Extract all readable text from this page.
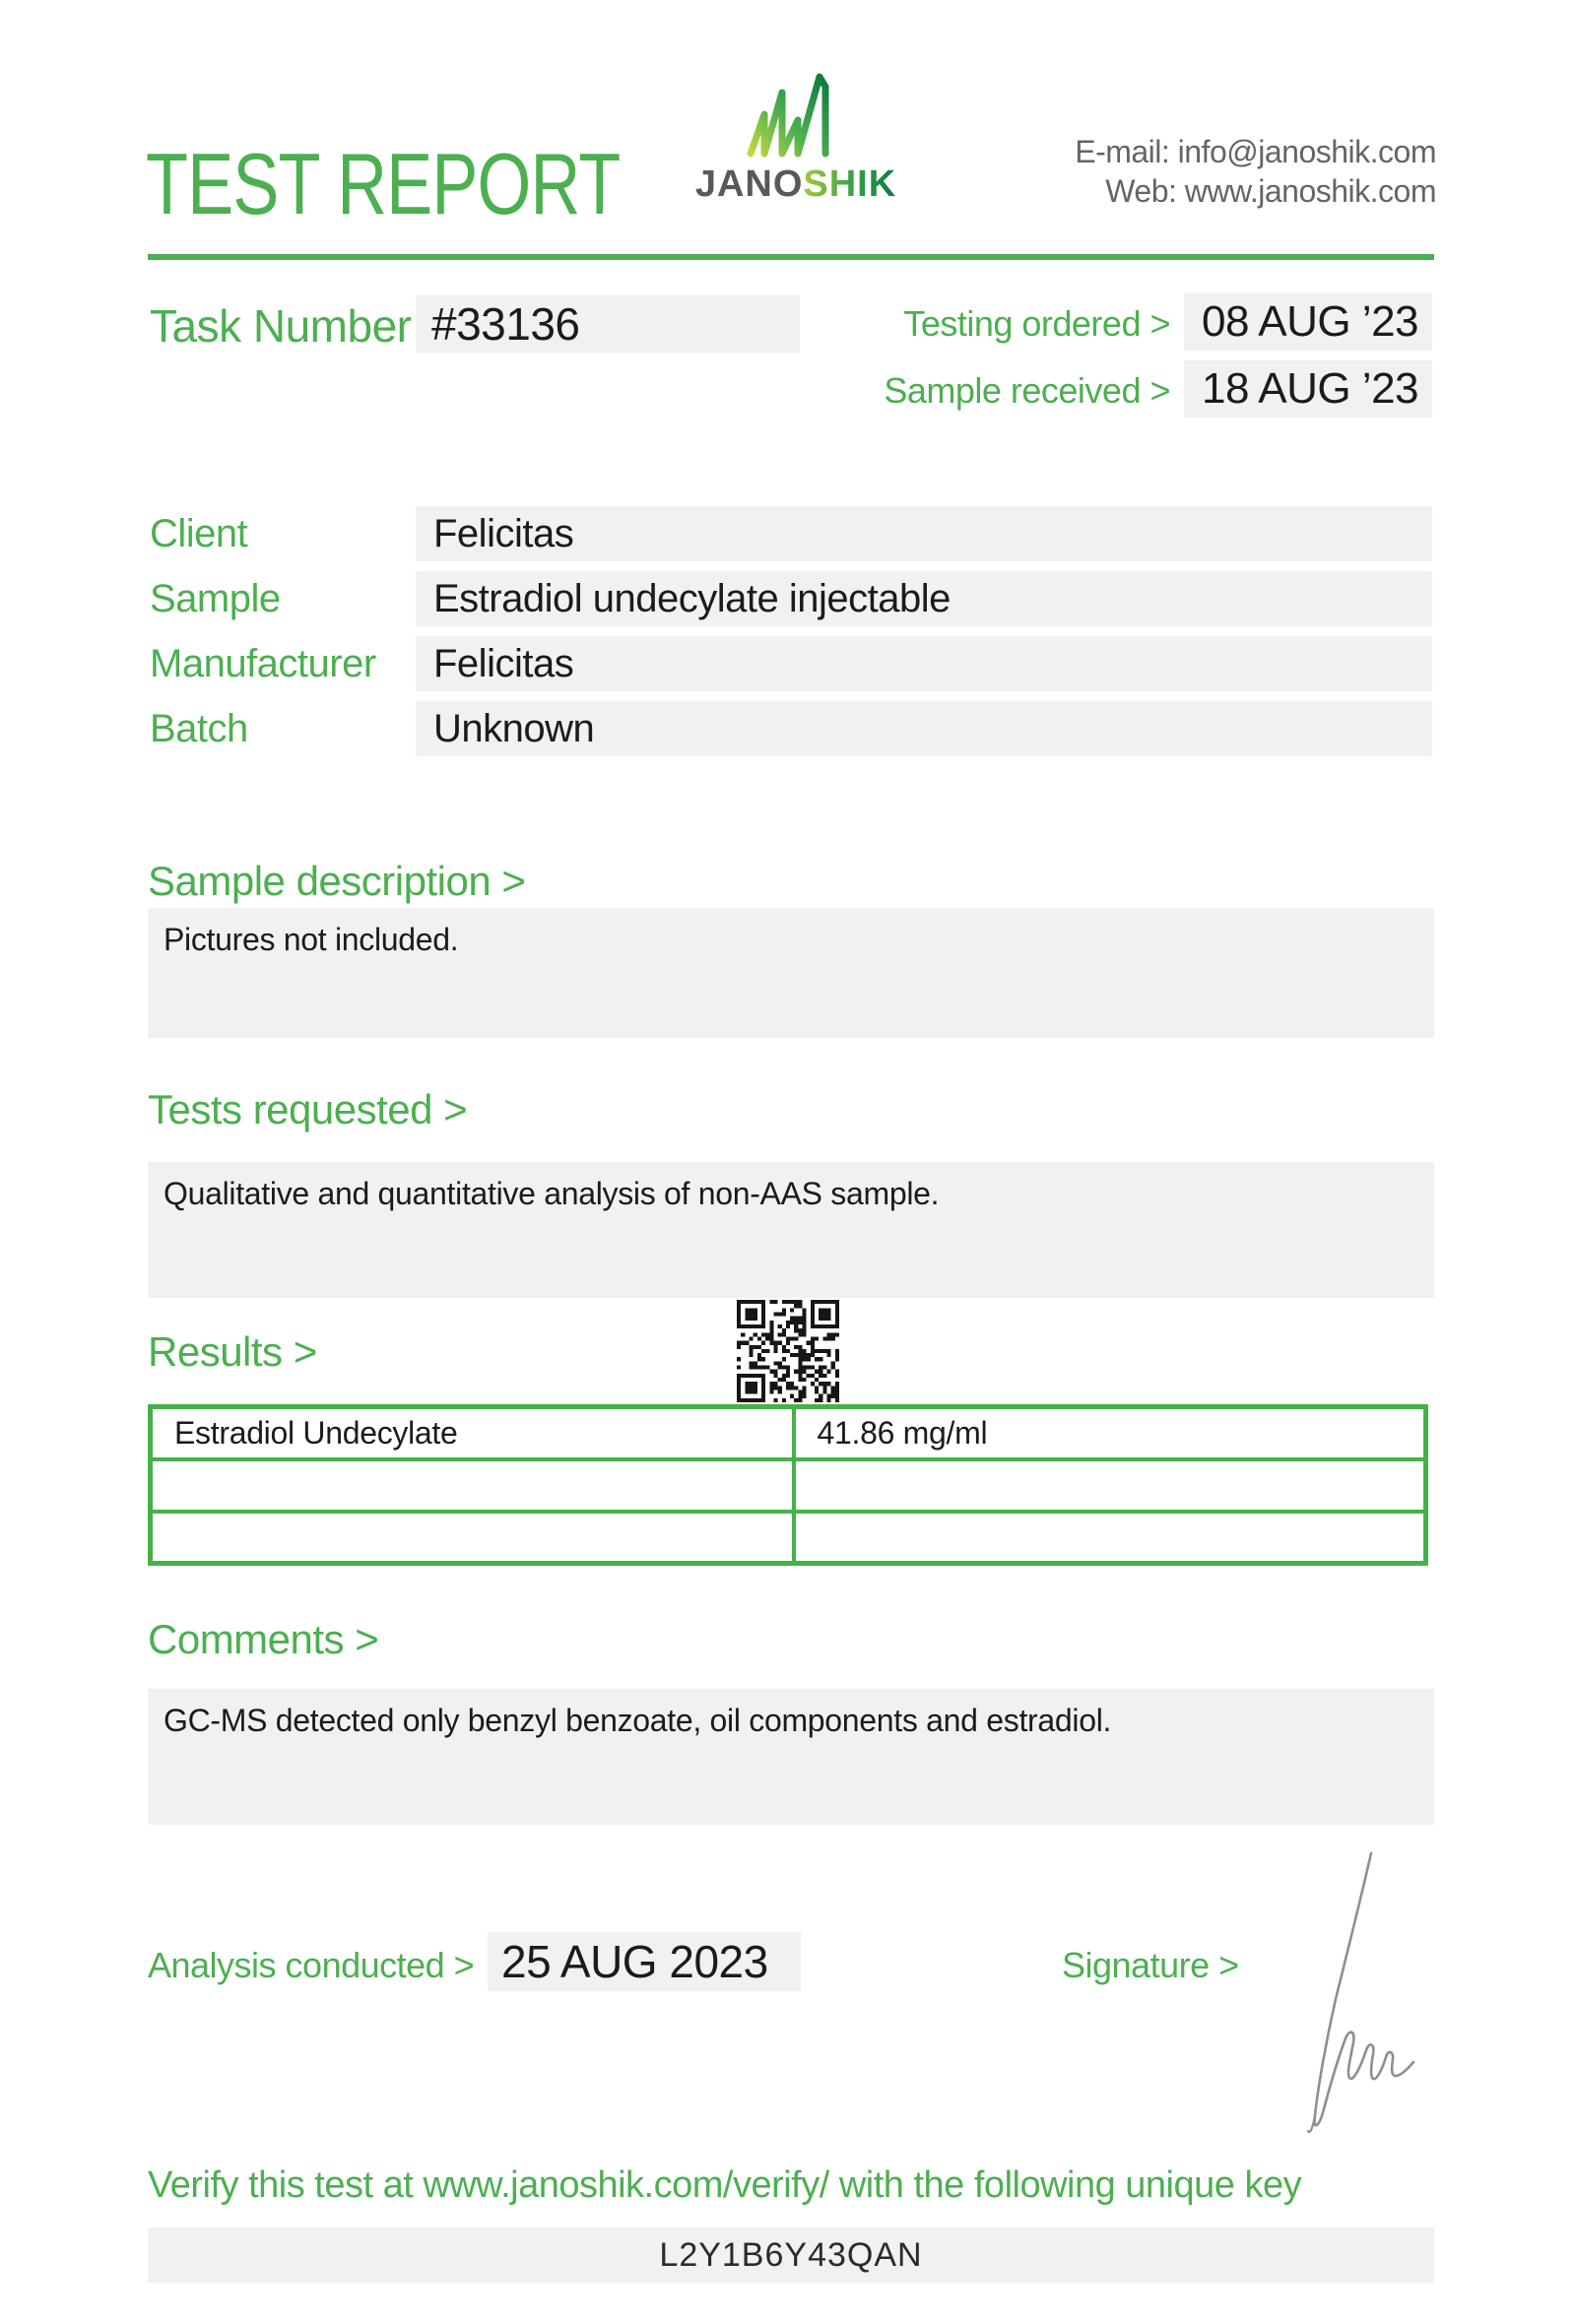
TEST REPORT	JANOSHIK
E-mail: info@janoshik.com
Web: www.janoshik.com
Task Number #33136	Testing ordered > 08 AUG ’23
Sample received > 18 AUG ’23
Client	Felicitas
Sample	Estradiol undecylate injectable
Manufacturer	Felicitas
Batch	Unknown
Sample description >

Pictures not included.

Tests requested >

Qualitative and quantitative analysis of non-AAS sample.

Results >
Estradiol Undecylate	41.86 mg/ml

Comments >

GC-MS detected only benzyl benzoate, oil components and estradiol.

Analysis conducted > 25 AUG 2023	Signature >
Verify this test at www.janoshik.com/verify/ with the following unique key
L2Y1B6Y43QAN
